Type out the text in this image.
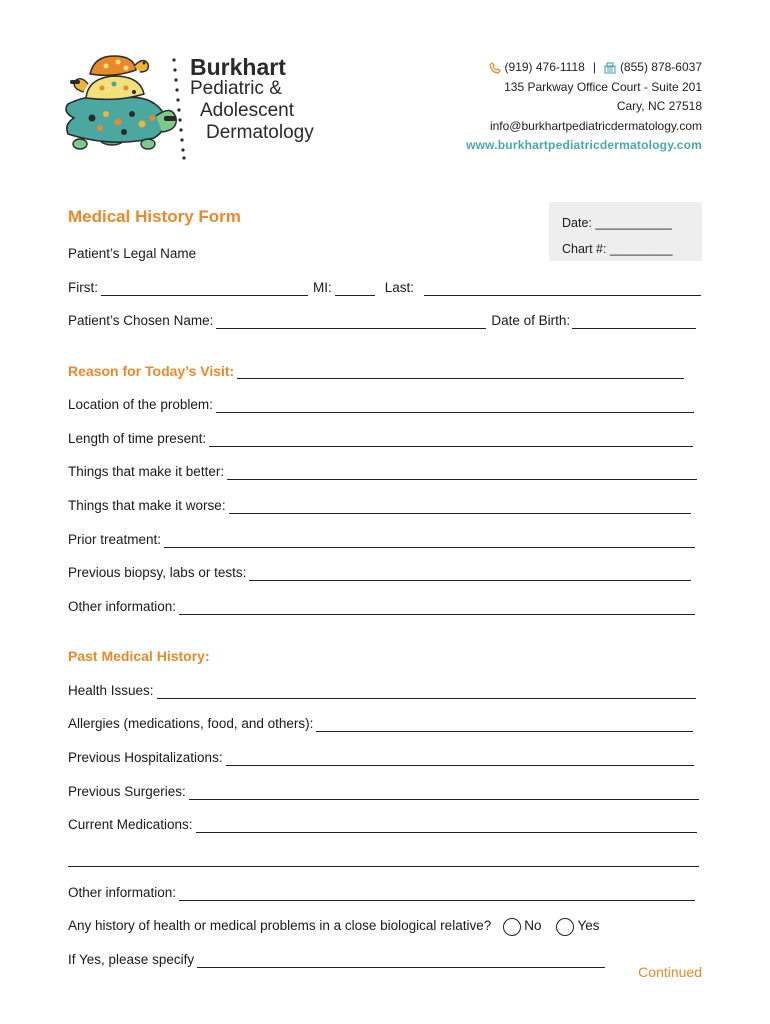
Burkhart
Pediatric &
Adolescent
Dermatology
(919) 476-1118 | (855) 878-6037
135 Parkway Office Court - Suite 201
Cary, NC 27518
info@burkhartpediatricdermatology.com
www.burkhartpediatricdermatology.com
Medical History Form	Date: ___________
Chart #: _________
Patient’s Legal Name
First:	MI:	Last:
Patient’s Chosen Name:	Date of Birth:
Reason for Today’s Visit:
Location of the problem:
Length of time present:
Things that make it better:
Things that make it worse:
Prior treatment:
Previous biopsy, labs or tests:
Other information:
Past Medical History:
Health Issues:
Allergies (medications, food, and others):
Previous Hospitalizations:
Previous Surgeries:
Current Medications:
Other information:
Any history of health or medical problems in a close biological relative? No	Yes
If Yes, please specify
Continued
